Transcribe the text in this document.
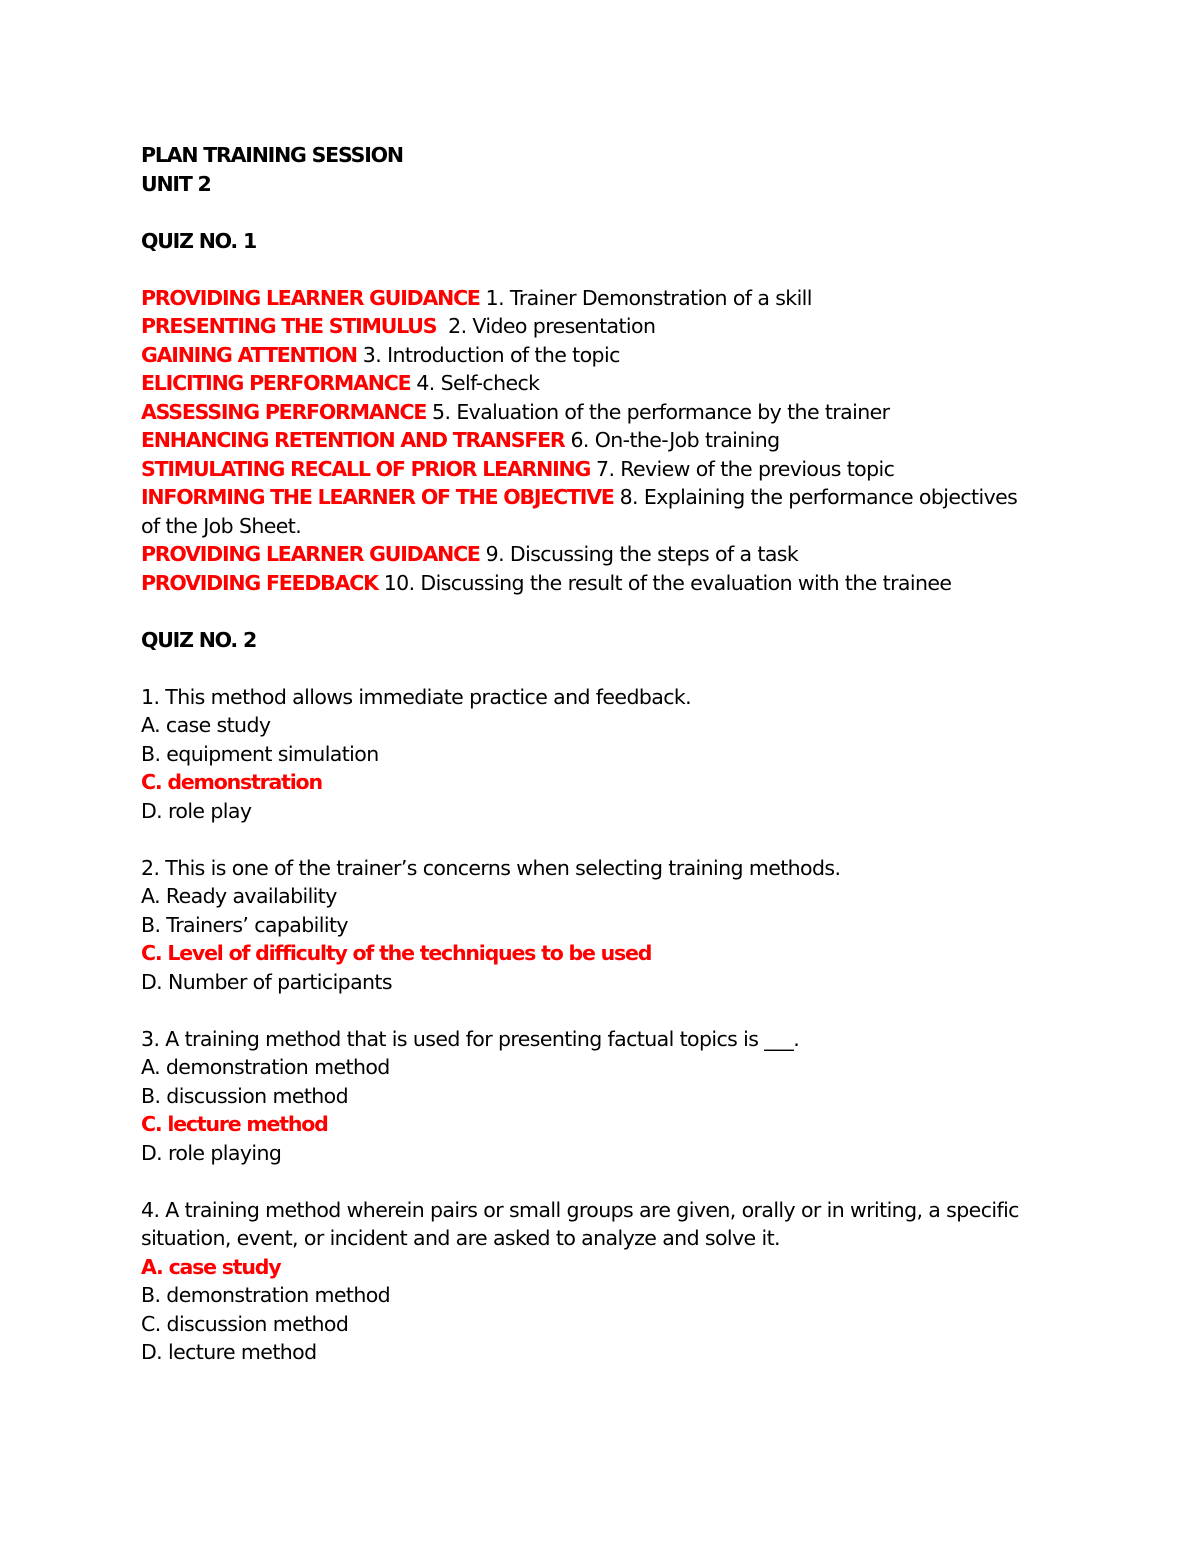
PLAN TRAINING SESSION

UNIT 2

QUIZ NO. 1

PROVIDING LEARNER GUIDANCE 1. Trainer Demonstration of a skill

PRESENTING THE STIMULUS  2. Video presentation

GAINING ATTENTION 3. Introduction of the topic

ELICITING PERFORMANCE 4. Self-check

ASSESSING PERFORMANCE 5. Evaluation of the performance by the trainer

ENHANCING RETENTION AND TRANSFER 6. On-the-Job training

STIMULATING RECALL OF PRIOR LEARNING 7. Review of the previous topic

INFORMING THE LEARNER OF THE OBJECTIVE 8. Explaining the performance objectives of the Job Sheet.

PROVIDING LEARNER GUIDANCE 9. Discussing the steps of a task

PROVIDING FEEDBACK 10. Discussing the result of the evaluation with the trainee

QUIZ NO. 2

1. This method allows immediate practice and feedback.

A. case study

B. equipment simulation

C. demonstration

D. role play

2. This is one of the trainer’s concerns when selecting training methods.

A. Ready availability

B. Trainers’ capability

C. Level of difficulty of the techniques to be used

D. Number of participants

3. A training method that is used for presenting factual topics is ___.

A. demonstration method

B. discussion method

C. lecture method

D. role playing

4. A training method wherein pairs or small groups are given, orally or in writing, a specific situation, event, or incident and are asked to analyze and solve it.

A. case study

B. demonstration method

C. discussion method

D. lecture method
